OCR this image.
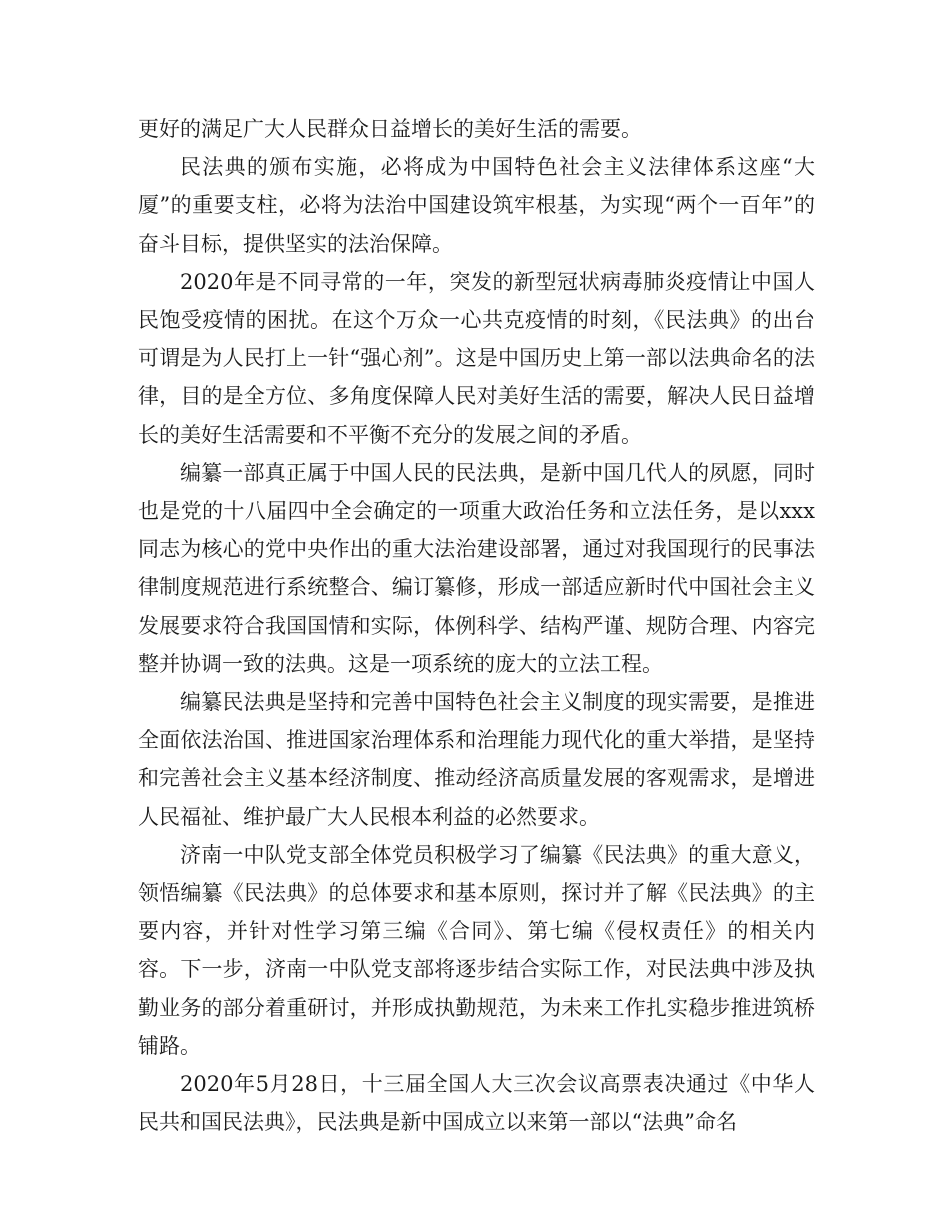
更好的满足广大人民群众日益增长的美好生活的需要。

民法典的颁布实施，必将成为中国特色社会主义法律体系这座“大厦”的重要支柱，必将为法治中国建设筑牢根基，为实现“两个一百年”的奋斗目标，提供坚实的法治保障。

2020年是不同寻常的一年，突发的新型冠状病毒肺炎疫情让中国人民饱受疫情的困扰。在这个万众一心共克疫情的时刻，《民法典》的出台可谓是为人民打上一针“强心剂”。这是中国历史上第一部以法典命名的法律，目的是全方位、多角度保障人民对美好生活的需要，解决人民日益增长的美好生活需要和不平衡不充分的发展之间的矛盾。

编纂一部真正属于中国人民的民法典，是新中国几代人的夙愿，同时也是党的十八届四中全会确定的一项重大政治任务和立法任务，是以xxx同志为核心的党中央作出的重大法治建设部署，通过对我国现行的民事法律制度规范进行系统整合、编订纂修，形成一部适应新时代中国社会主义发展要求符合我国国情和实际，体例科学、结构严谨、规防合理、内容完整并协调一致的法典。这是一项系统的庞大的立法工程。

编纂民法典是坚持和完善中国特色社会主义制度的现实需要，是推进全面依法治国、推进国家治理体系和治理能力现代化的重大举措，是坚持和完善社会主义基本经济制度、推动经济高质量发展的客观需求，是增进人民福祉、维护最广大人民根本利益的必然要求。

济南一中队党支部全体党员积极学习了编纂《民法典》的重大意义，领悟编纂《民法典》的总体要求和基本原则，探讨并了解《民法典》的主要内容，并针对性学习第三编《合同》、第七编《侵权责任》的相关内容。下一步，济南一中队党支部将逐步结合实际工作，对民法典中涉及执勤业务的部分着重研讨，并形成执勤规范，为未来工作扎实稳步推进筑桥铺路。

2020年5月28日，十三届全国人大三次会议高票表决通过《中华人民共和国民法典》，民法典是新中国成立以来第一部以“法典”命名
